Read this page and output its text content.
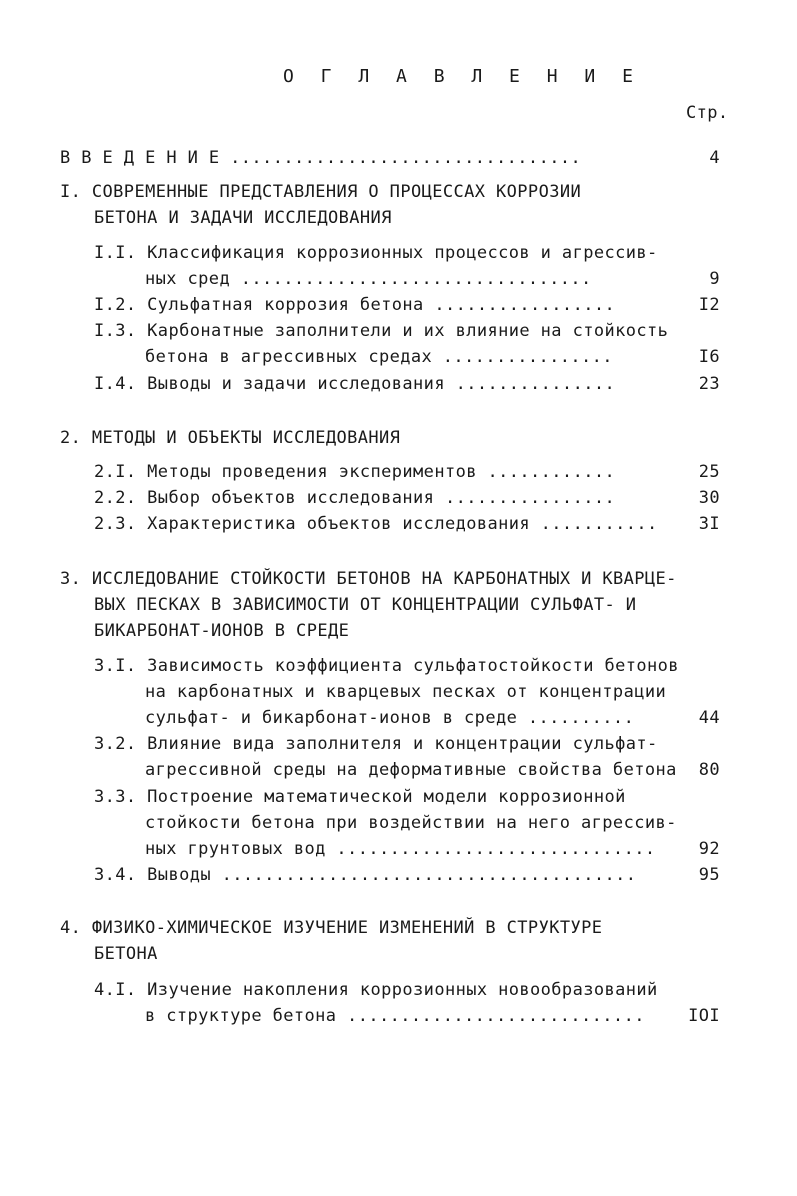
О Г Л А В Л Е Н И Е
Стр.
В В Е Д Е Н И Е .................................	4
I. СОВРЕМЕННЫЕ ПРЕДСТАВЛЕНИЯ О ПРОЦЕССАХ КОРРОЗИИ
БЕТОНА И ЗАДАЧИ ИССЛЕДОВАНИЯ
I.I. Классификация коррозионных процессов и агрессив-
ных сред .................................	9
I.2. Сульфатная коррозия бетона .................	I2
I.3. Карбонатные заполнители и их влияние на стойкость
бетона в агрессивных средах ................	I6
I.4. Выводы и задачи исследования ...............	23
2. МЕТОДЫ И ОБЪЕКТЫ ИССЛЕДОВАНИЯ
2.I. Методы проведения экспериментов ............	25
2.2. Выбор объектов исследования ................	30
2.3. Характеристика объектов исследования ...........	3I
3. ИССЛЕДОВАНИЕ СТОЙКОСТИ БЕТОНОВ НА КАРБОНАТНЫХ И КВАРЦЕ-
ВЫХ ПЕСКАХ В ЗАВИСИМОСТИ ОТ КОНЦЕНТРАЦИИ СУЛЬФАТ- И
БИКАРБОНАТ-ИОНОВ В СРЕДЕ
3.I. Зависимость коэффициента сульфатостойкости бетонов
на карбонатных и кварцевых песках от концентрации
сульфат- и бикарбонат-ионов в среде ..........	44
3.2. Влияние вида заполнителя и концентрации сульфат-
агрессивной среды на деформативные свойства бетона	80
3.3. Построение математической модели коррозионной
стойкости бетона при воздействии на него агрессив-
ных грунтовых вод ..............................	92
3.4. Выводы .......................................	95
4. ФИЗИКО-ХИМИЧЕСКОЕ ИЗУЧЕНИЕ ИЗМЕНЕНИЙ В СТРУКТУРЕ
БЕТОНА
4.I. Изучение накопления коррозионных новообразований
в структуре бетона ............................	IOI
